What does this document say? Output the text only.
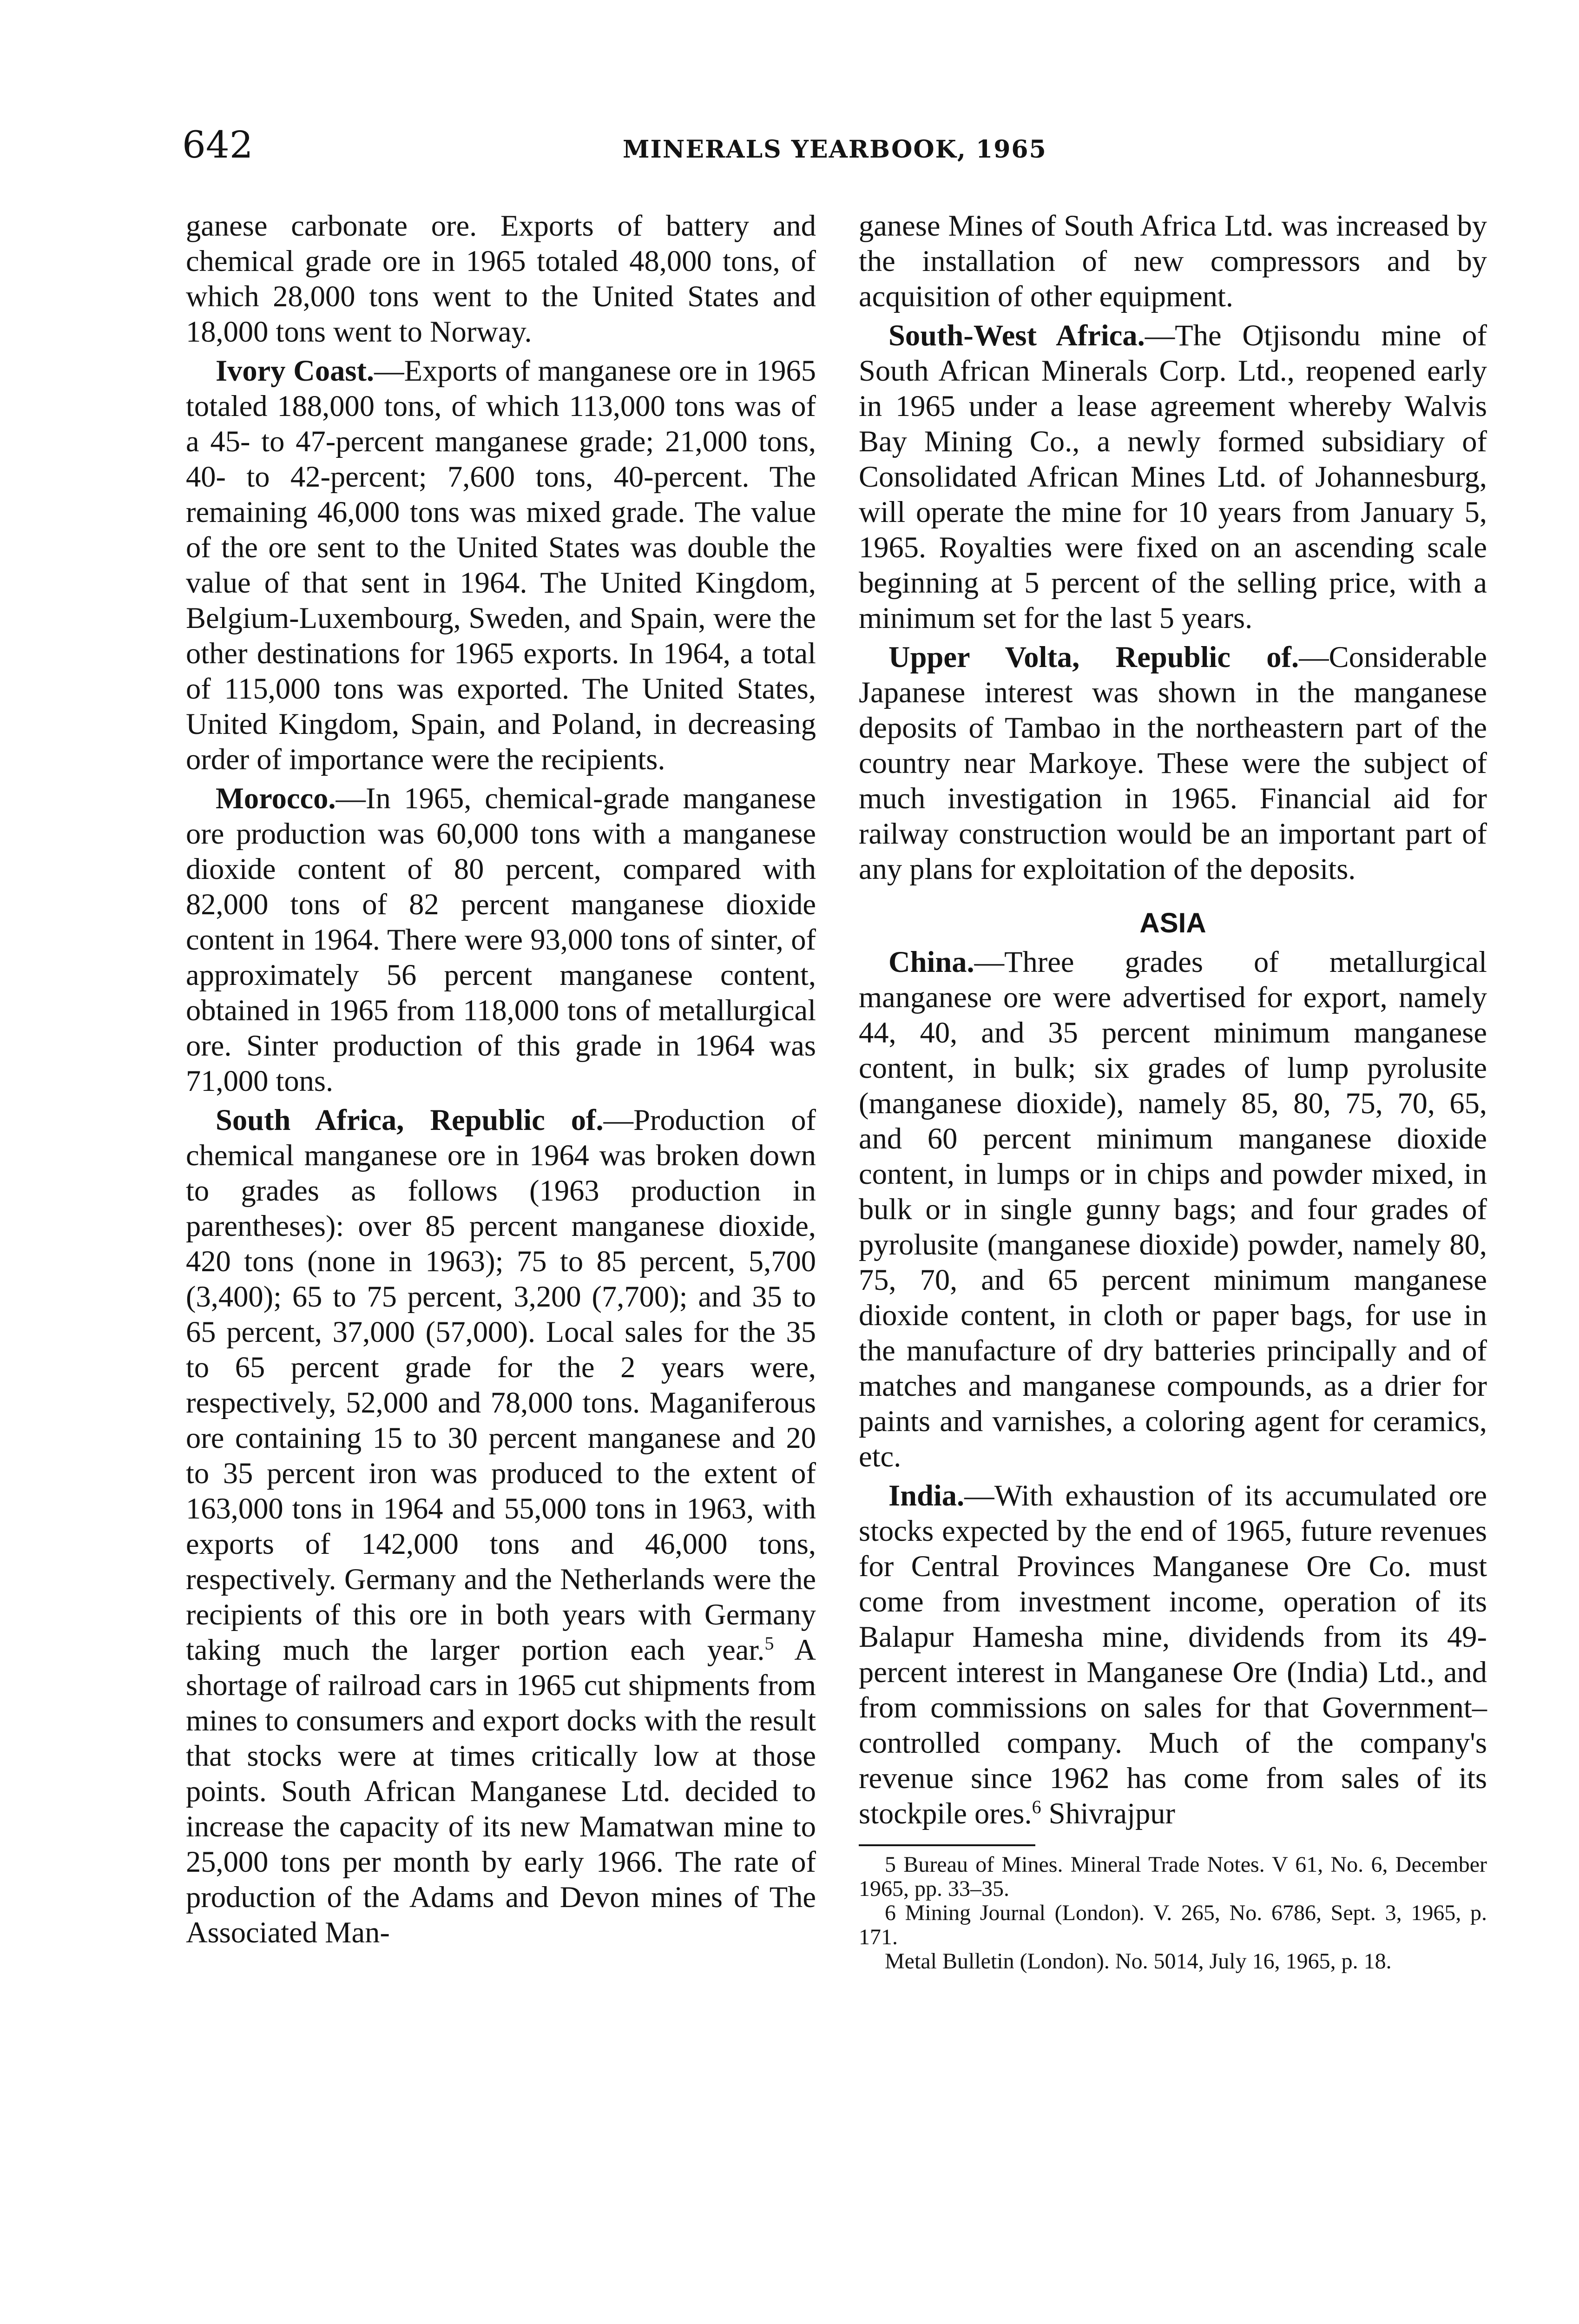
642	MINERALS YEARBOOK, 1965

ganese carbonate ore. Exports of battery and chemical grade ore in 1965 totaled 48,000 tons, of which 28,000 tons went to the United States and 18,000 tons went to Norway.

Ivory Coast.—Exports of manganese ore in 1965 totaled 188,000 tons, of which 113,000 tons was of a 45- to 47-percent manganese grade; 21,000 tons, 40- to 42-percent; 7,600 tons, 40-percent. The remaining 46,000 tons was mixed grade. The value of the ore sent to the United States was double the value of that sent in 1964. The United Kingdom, Belgium-Luxembourg, Sweden, and Spain, were the other destinations for 1965 exports. In 1964, a total of 115,000 tons was exported. The United States, United Kingdom, Spain, and Poland, in decreasing order of importance were the recipients.

Morocco.—In 1965, chemical-grade manganese ore production was 60,000 tons with a manganese dioxide content of 80 percent, compared with 82,000 tons of 82 percent manganese dioxide content in 1964. There were 93,000 tons of sinter, of approximately 56 percent manganese content, obtained in 1965 from 118,000 tons of metallurgical ore. Sinter production of this grade in 1964 was 71,000 tons.

South Africa, Republic of.—Production of chemical manganese ore in 1964 was broken down to grades as follows (1963 production in parentheses): over 85 percent manganese dioxide, 420 tons (none in 1963); 75 to 85 percent, 5,700 (3,400); 65 to 75 percent, 3,200 (7,700); and 35 to 65 percent, 37,000 (57,000). Local sales for the 35 to 65 percent grade for the 2 years were, respectively, 52,000 and 78,000 tons. Maganiferous ore containing 15 to 30 percent manganese and 20 to 35 percent iron was produced to the extent of 163,000 tons in 1964 and 55,000 tons in 1963, with exports of 142,000 tons and 46,000 tons, respectively. Germany and the Netherlands were the recipients of this ore in both years with Germany taking much the larger portion each year.$^5$ A shortage of railroad cars in 1965 cut shipments from mines to consumers and export docks with the result that stocks were at times critically low at those points. South African Manganese Ltd. decided to increase the capacity of its new Mamatwan mine to 25,000 tons per month by early 1966. The rate of production of the Adams and Devon mines of The Associated Man-

ganese Mines of South Africa Ltd. was increased by the installation of new compressors and by acquisition of other equipment.

South-West Africa.—The Otjisondu mine of South African Minerals Corp. Ltd., reopened early in 1965 under a lease agreement whereby Walvis Bay Mining Co., a newly formed subsidiary of Consolidated African Mines Ltd. of Johannesburg, will operate the mine for 10 years from January 5, 1965. Royalties were fixed on an ascending scale beginning at 5 percent of the selling price, with a minimum set for the last 5 years.

Upper Volta, Republic of.—Considerable Japanese interest was shown in the manganese deposits of Tambao in the northeastern part of the country near Markoye. These were the subject of much investigation in 1965. Financial aid for railway construction would be an important part of any plans for exploitation of the deposits.

ASIA

China.—Three grades of metallurgical manganese ore were advertised for export, namely 44, 40, and 35 percent minimum manganese content, in bulk; six grades of lump pyrolusite (manganese dioxide), namely 85, 80, 75, 70, 65, and 60 percent minimum manganese dioxide content, in lumps or in chips and powder mixed, in bulk or in single gunny bags; and four grades of pyrolusite (manganese dioxide) powder, namely 80, 75, 70, and 65 percent minimum manganese dioxide content, in cloth or paper bags, for use in the manufacture of dry batteries principally and of matches and manganese compounds, as a drier for paints and varnishes, a coloring agent for ceramics, etc.

India.—With exhaustion of its accumulated ore stocks expected by the end of 1965, future revenues for Central Provinces Manganese Ore Co. must come from investment income, operation of its Balapur Hamesha mine, dividends from its 49-percent interest in Manganese Ore (India) Ltd., and from commissions on sales for that Government–controlled company. Much of the company's revenue since 1962 has come from sales of its stockpile ores.$^6$ Shivrajpur

5 Bureau of Mines. Mineral Trade Notes. V 61, No. 6, December 1965, pp. 33–35.
6 Mining Journal (London). V. 265, No. 6786, Sept. 3, 1965, p. 171.
Metal Bulletin (London). No. 5014, July 16, 1965, p. 18.
